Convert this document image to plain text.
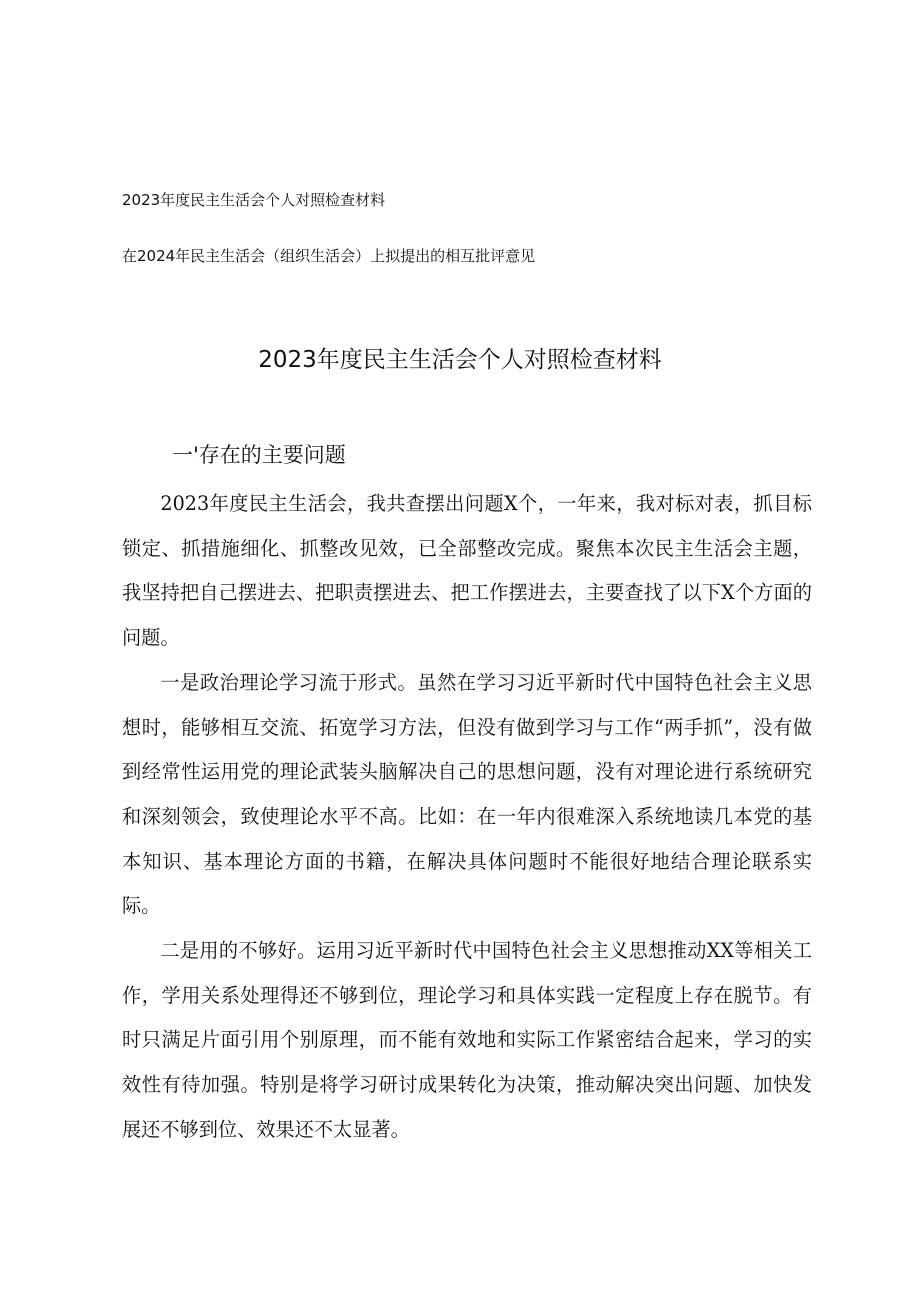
2023年度民主生活会个人对照检查材料
在2024年民主生活会（组织生活会）上拟提出的相互批评意见
2023年度民主生活会个人对照检查材料
一'存在的主要问题

2023年度民主生活会，我共查摆出问题X个，一年来，我对标对表，抓目标锁定、抓措施细化、抓整改见效，已全部整改完成。聚焦本次民主生活会主题，我坚持把自己摆进去、把职责摆进去、把工作摆进去，主要查找了以下X个方面的问题。

一是政治理论学习流于形式。虽然在学习习近平新时代中国特色社会主义思想时，能够相互交流、拓宽学习方法，但没有做到学习与工作“两手抓”，没有做到经常性运用党的理论武装头脑解决自己的思想问题，没有对理论进行系统研究和深刻领会，致使理论水平不高。比如：在一年内很难深入系统地读几本党的基本知识、基本理论方面的书籍，在解决具体问题时不能很好地结合理论联系实际。

二是用的不够好。运用习近平新时代中国特色社会主义思想推动XX等相关工作，学用关系处理得还不够到位，理论学习和具体实践一定程度上存在脱节。有时只满足片面引用个别原理，而不能有效地和实际工作紧密结合起来，学习的实效性有待加强。特别是将学习研讨成果转化为决策，推动解决突出问题、加快发展还不够到位、效果还不太显著。
